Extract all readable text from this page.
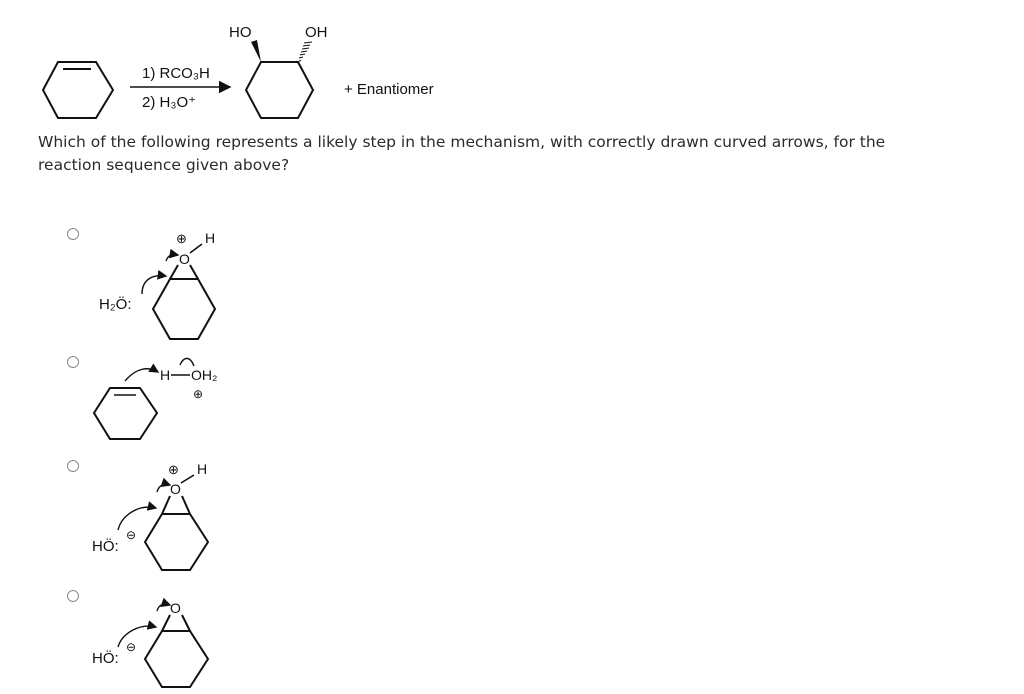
1) RCO₃H
2) H₃O⁺
HO	OH
+ Enantiomer
Which of the following represents a likely step in the mechanism, with correctly drawn curved arrows, for the reaction sequence given above?
O
⊕ H
H₂Ö:
H OH₂
⊕
O
⊕ H
HÖ:
⊖
O
HÖ:
⊖
